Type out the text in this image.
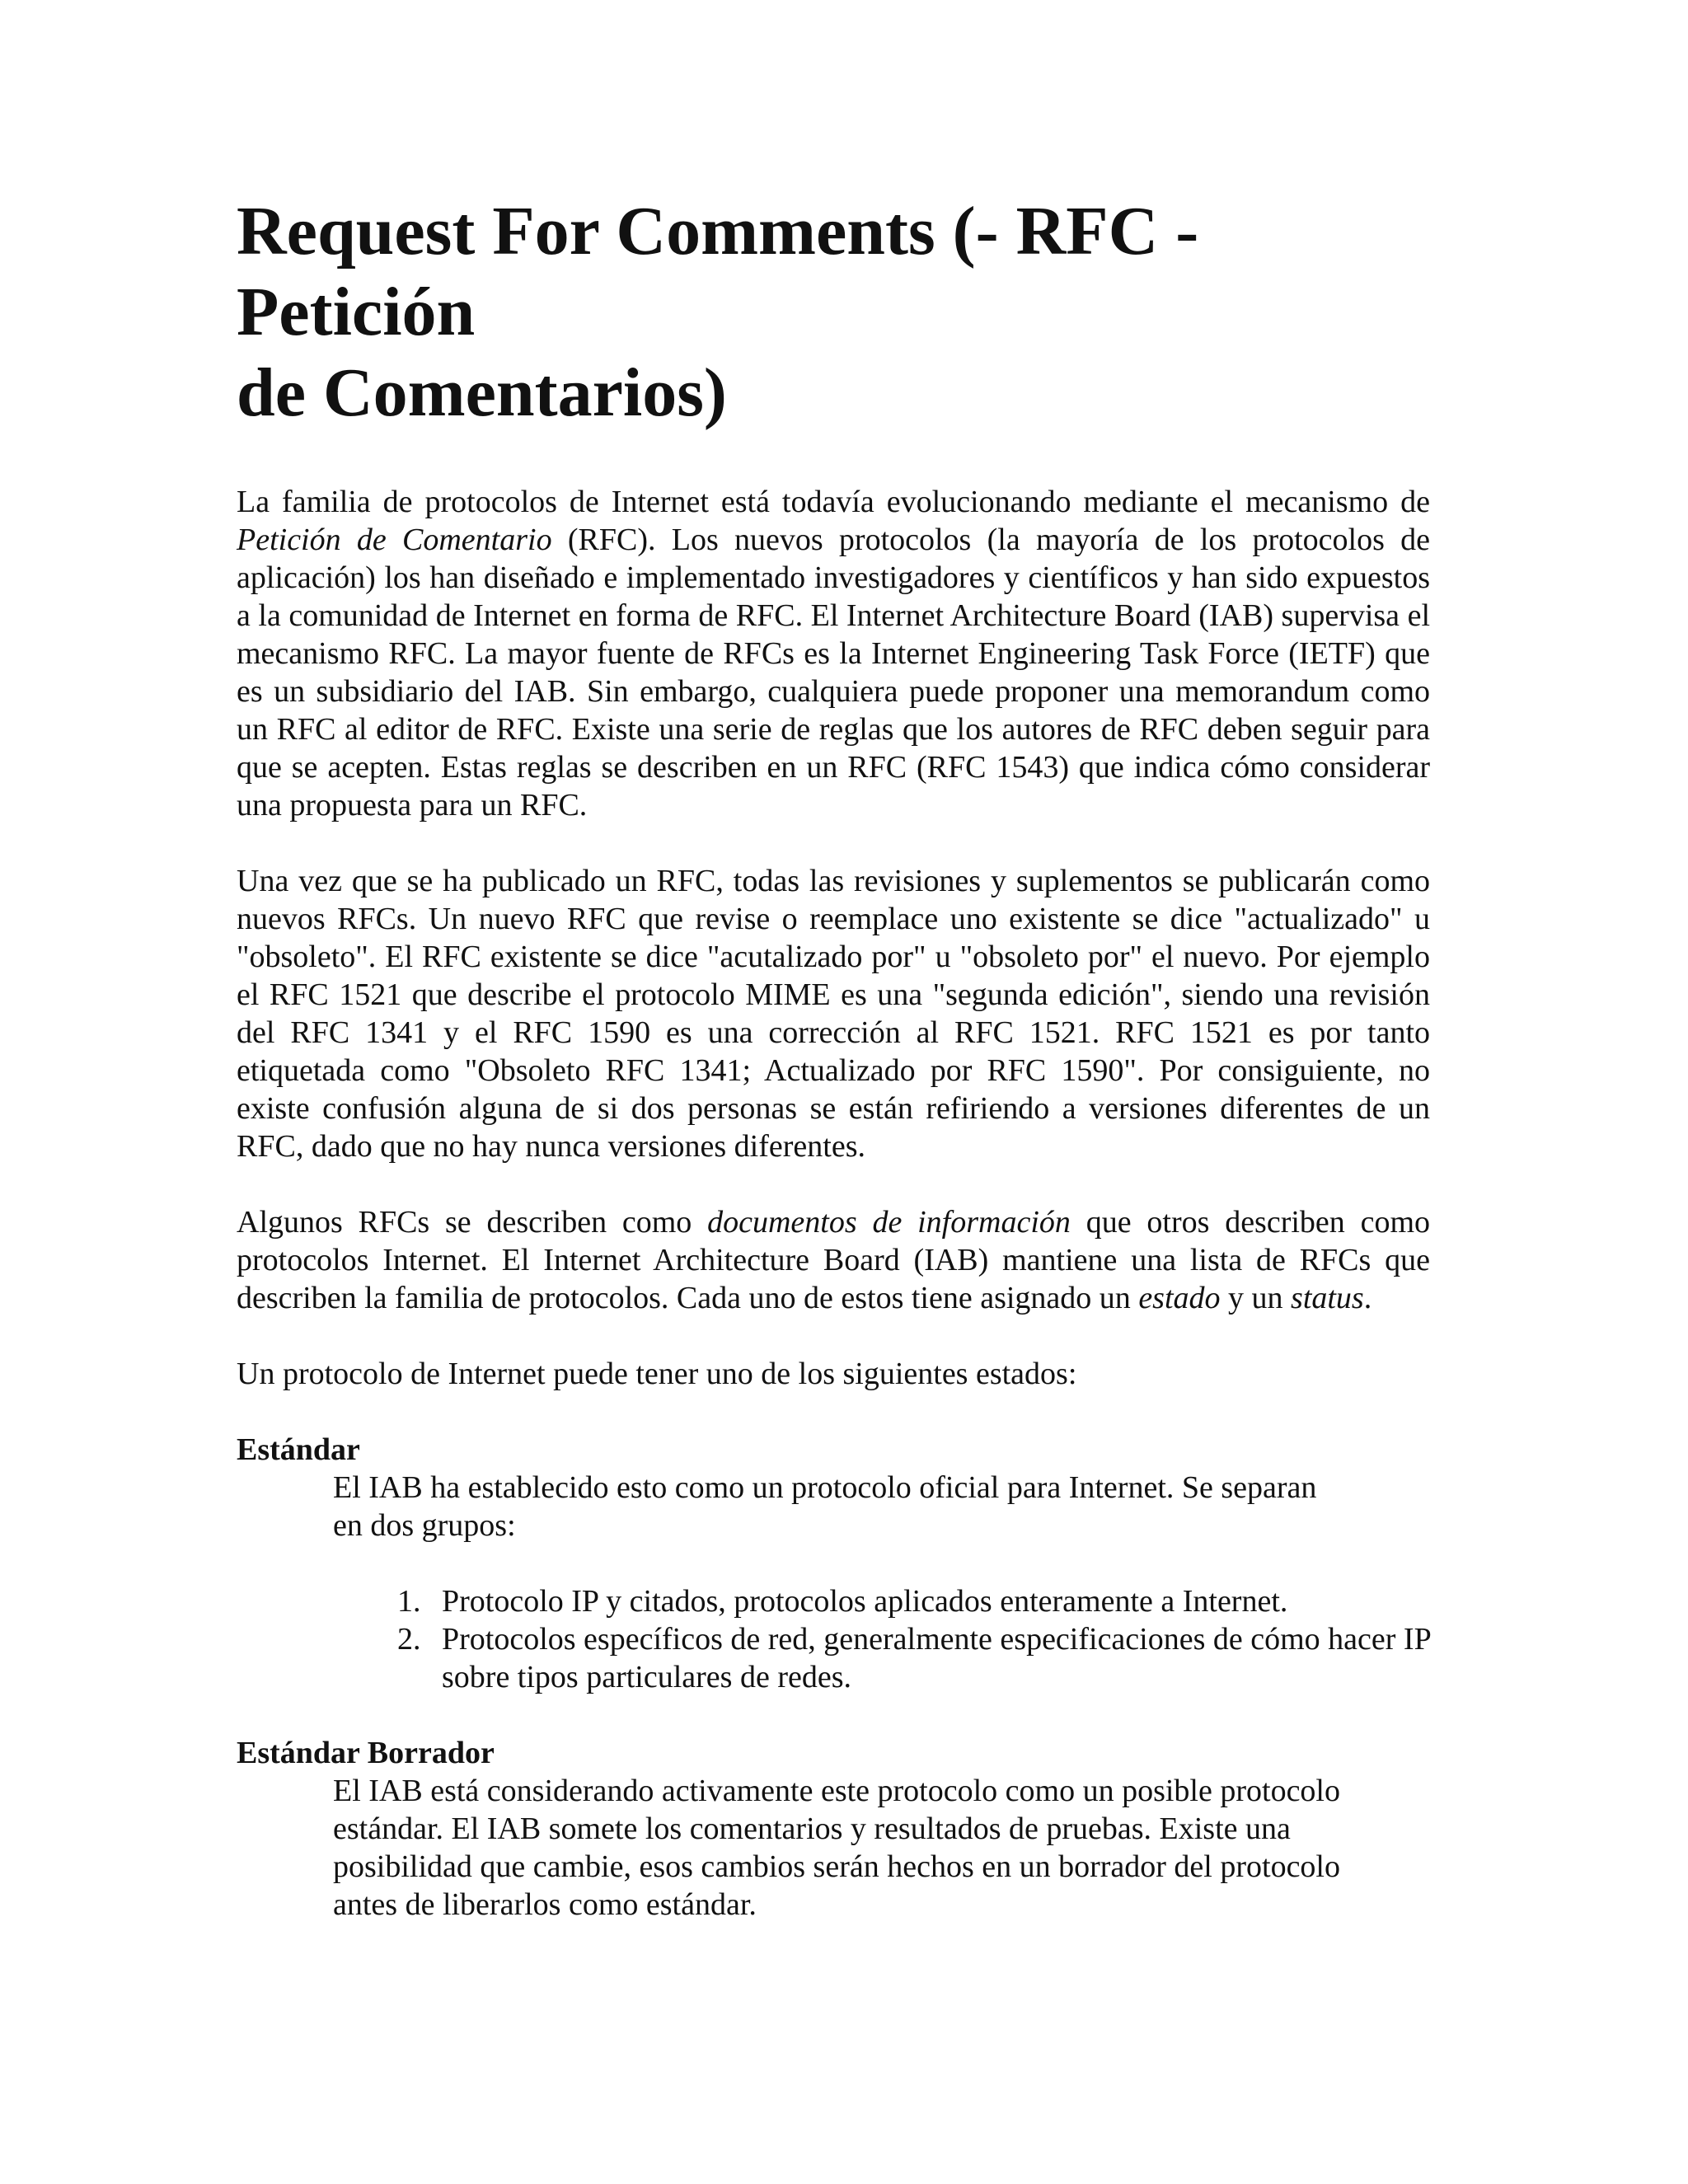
Request For Comments (- RFC -Petición
de Comentarios)

La familia de protocolos de Internet está todavía evolucionando mediante el mecanismo de Petición de Comentario (RFC). Los nuevos protocolos (la mayoría de los protocolos de aplicación) los han diseñado e implementado investigadores y científicos y han sido expuestos a la comunidad de Internet en forma de RFC. El Internet Architecture Board (IAB) supervisa el mecanismo RFC. La mayor fuente de RFCs es la Internet Engineering Task Force (IETF) que es un subsidiario del IAB. Sin embargo, cualquiera puede proponer una memorandum como un RFC al editor de RFC. Existe una serie de reglas que los autores de RFC deben seguir para que se acepten. Estas reglas se describen en un RFC (RFC 1543) que indica cómo considerar una propuesta para un RFC.

Una vez que se ha publicado un RFC, todas las revisiones y suplementos se publicarán como nuevos RFCs. Un nuevo RFC que revise o reemplace uno existente se dice "actualizado" u "obsoleto". El RFC existente se dice "acutalizado por" u "obsoleto por" el nuevo. Por ejemplo el RFC 1521 que describe el protocolo MIME es una "segunda edición", siendo una revisión del RFC 1341 y el RFC 1590 es una corrección al RFC 1521. RFC 1521 es por tanto etiquetada como "Obsoleto RFC 1341; Actualizado por RFC 1590". Por consiguiente, no existe confusión alguna de si dos personas se están refiriendo a versiones diferentes de un RFC, dado que no hay nunca versiones diferentes.

Algunos RFCs se describen como documentos de información que otros describen como protocolos Internet. El Internet Architecture Board (IAB) mantiene una lista de RFCs que describen la familia de protocolos. Cada uno de estos tiene asignado un estado y un status.

Un protocolo de Internet puede tener uno de los siguientes estados:

Estándar

El IAB ha establecido esto como un protocolo oficial para Internet. Se separan en dos grupos:

1. Protocolo IP y citados, protocolos aplicados enteramente a Internet.
2. Protocolos específicos de red, generalmente especificaciones de cómo hacer IP sobre tipos particulares de redes.

Estándar Borrador

El IAB está considerando activamente este protocolo como un posible protocolo estándar. El IAB somete los comentarios y resultados de pruebas. Existe una posibilidad que cambie, esos cambios serán hechos en un borrador del protocolo antes de liberarlos como estándar.
